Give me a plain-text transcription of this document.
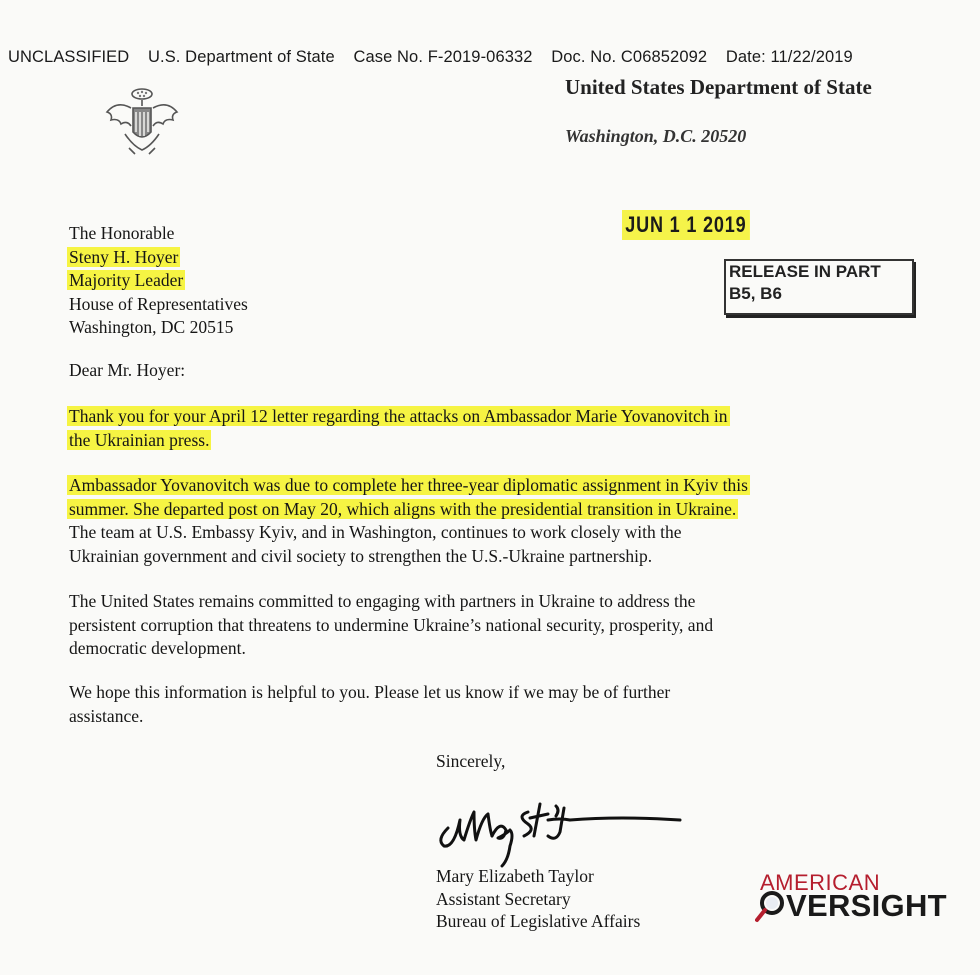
UNCLASSIFIED U.S. Department of State Case No. F-2019-06332 Doc. No. C06852092 Date: 11/22/2019
United States Department of State
Washington, D.C. 20520
JUN 1 1 2019
RELEASE IN PART
B5, B6
The Honorable
Steny H. Hoyer
Majority Leader
House of Representatives
Washington, DC 20515
Dear Mr. Hoyer:
Thank you for your April 12 letter regarding the attacks on Ambassador Marie Yovanovitch in
the Ukrainian press.
Ambassador Yovanovitch was due to complete her three-year diplomatic assignment in Kyiv this
summer. She departed post on May 20, which aligns with the presidential transition in Ukraine.
The team at U.S. Embassy Kyiv, and in Washington, continues to work closely with the
Ukrainian government and civil society to strengthen the U.S.-Ukraine partnership.
The United States remains committed to engaging with partners in Ukraine to address the
persistent corruption that threatens to undermine Ukraine’s national security, prosperity, and
democratic development.
We hope this information is helpful to you. Please let us know if we may be of further
assistance.
Sincerely,
Mary Elizabeth Taylor
Assistant Secretary
Bureau of Legislative Affairs
AMERICAN
VERSIGHT
